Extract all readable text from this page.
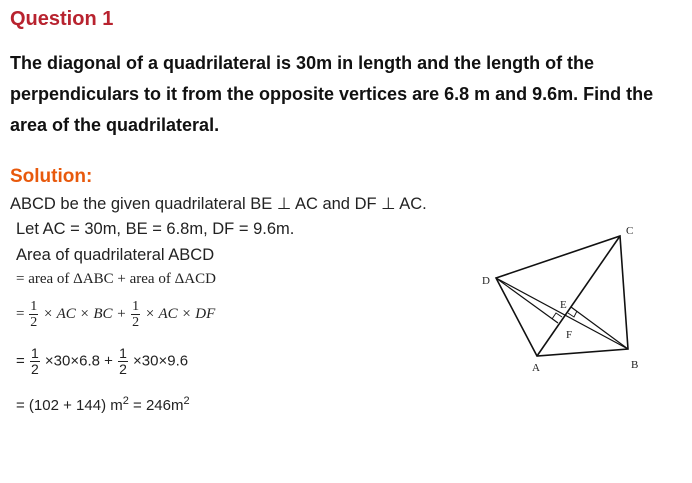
Question 1

The diagonal of a quadrilateral is 30m in length and the length of the
perpendiculars to it from the opposite vertices are 6.8 m and 9.6m. Find the
area of the quadrilateral.

Solution:
ABCD be the given quadrilateral BE ⊥ AC and DF ⊥ AC.
Let AC = 30m, BE = 6.8m, DF = 9.6m.
Area of quadrilateral ABCD
= area of ΔABC + area of ΔACD
= $\frac{1}{2}$ × AC × BC + $\frac{1}{2}$ × AC × DF
= $\frac{1}{2} \times 30\times 6.8 + \frac{1}{2} \times 30\times 9.6$
= (102 + 144) $m^2 = 246m^2$
D
C
E
F
A	B
